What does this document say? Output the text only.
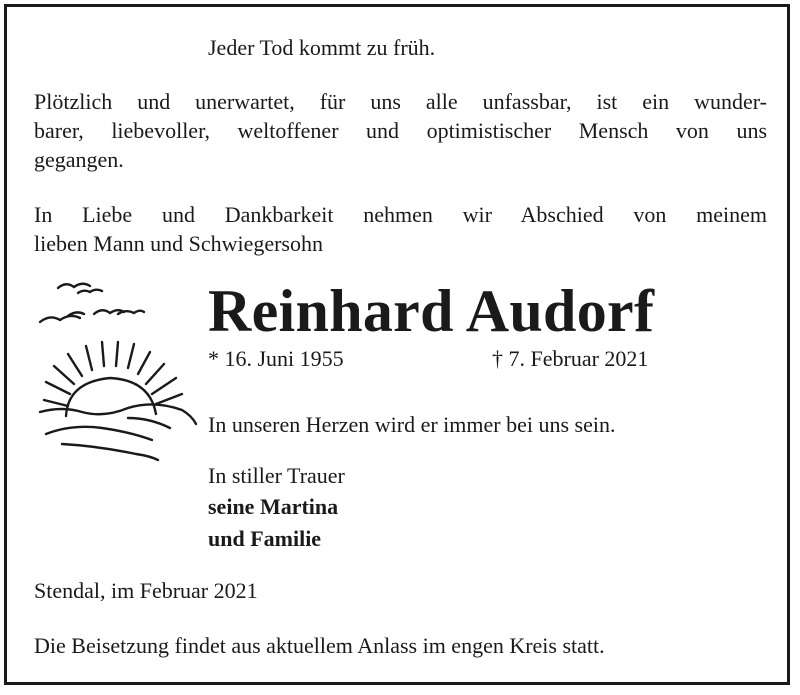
Jeder Tod kommt zu früh.
Plötzlich und unerwartet, für uns alle unfassbar, ist ein wunder-
barer, liebevoller, weltoffener und optimistischer Mensch von uns
gegangen.
In Liebe und Dankbarkeit nehmen wir Abschied von meinem
lieben Mann und Schwiegersohn
Reinhard Audorf
* 16. Juni 1955	† 7. Februar 2021
In unseren Herzen wird er immer bei uns sein.
In stiller Trauer
seine Martina
und Familie
Stendal, im Februar 2021
Die Beisetzung findet aus aktuellem Anlass im engen Kreis statt.
